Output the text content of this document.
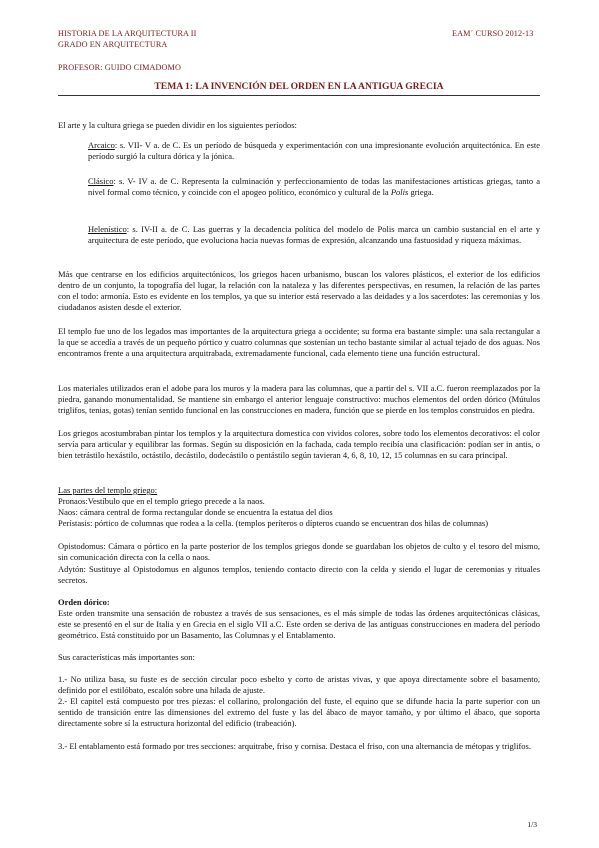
HISTORIA DE LA ARQUITECTURA II
GRADO EN ARQUITECTURA
EAM´ CURSO 2012-13
PROFESOR: GUIDO CIMADOMO
TEMA 1: LA INVENCIÓN DEL ORDEN EN LA ANTIGUA GRECIA

El arte y la cultura griega se pueden dividir en los siguientes períodos:

Arcaico: s. VII- V a. de C. Es un período de búsqueda y experimentación con una impresionante evolución arquitectónica. En este período surgió la cultura dórica y la jónica.

Clásico: s. V- IV a. de C. Representa la culminación y perfeccionamiento de todas las manifestaciones artísticas griegas, tanto a nivel formal como técnico, y coincide con el apogeo político, económico y cultural de la Polis griega.

Helenístico: s. IV-II a. de C. Las guerras y la decadencia política del modelo de Polis marca un cambio sustancial en el arte y arquitectura de este período, que evoluciona hacia nuevas formas de expresión, alcanzando una fastuosidad y riqueza máximas.

Más que centrarse en los edificios arquitectónicos, los griegos hacen urbanismo, buscan los valores plásticos, el exterior de los edificios dentro de un conjunto, la topografía del lugar, la relación con la nataleza y las diferentes perspectivas, en resumen, la relación de las partes con el todo: armonía. Esto es evidente en los templos, ya que su interior está reservado a las deidades y a los sacerdotes: las ceremonias y los ciudadanos asisten desde el exterior.

El templo fue uno de los legados mas importantes de la arquitectura griega a occidente; su forma era bastante simple: una sala rectangular a la que se accedía a través de un pequeño pórtico y cuatro columnas que sostenían un techo bastante similar al actual tejado de dos aguas. Nos encontramos frente a una arquitectura arquitrabada, extremadamente funcional, cada elemento tiene una función estructural.

Los materiales utilizados eran el adobe para los muros y la madera para las columnas, que a partir del s. VII a.C. fueron reemplazados por la piedra, ganando monumentalidad. Se mantiene sin embargo el anterior lenguaje constructivo: muchos elementos del orden dórico (Mútulos triglifos, tenias, gotas) tenían sentido funcional en las construcciones en madera, función que se pierde en los templos construidos en piedra.

Los griegos acostumbraban pintar los templos y la arquitectura domestica con vividos colores, sobre todo los elementos decorativos: el color servía para articular y equilibrar las formas. Según su disposición en la fachada, cada templo recibía una clasificación: podían ser in antis, o bien tetrástilo hexástilo, octástilo, decástilo, dodecástilo o pentástilo según tavieran 4, 6, 8, 10, 12, 15 columnas en su cara principal.

Las partes del templo griego:

Pronaos:Vestíbulo que en el templo griego precede a la naos.

Naos: cámara central de forma rectangular donde se encuentra la estatua del dios

Perístasis: pórtico de columnas que rodea a la cella. (templos períteros o dípteros cuando se encuentran dos hilas de columnas)

Opistodomus: Cámara o pórtico en la parte posterior de los templos griegos donde se guardaban los objetos de culto y el tesoro del mismo, sin comunicación directa con la cella o naos.

Adytón: Sustituye al Opistodomus en algunos templos, teniendo contacto directo con la celda y siendo el lugar de ceremonias y rituales secretos.

Orden dórico:

Este orden transmite una sensación de robustez a través de sus sensaciones, es el más simple de todas las órdenes arquitectónicas clásicas, este se presentó en el sur de Italia y en Grecia en el siglo VII a.C. Este orden se deriva de las antiguas construcciones en madera del período geométrico. Está constituido por un Basamento, las Columnas y el Entablamento.

Sus características más importantes son:

1.- No utiliza basa, su fuste es de sección circular poco esbelto y corto de aristas vivas, y que apoya directamente sobre el basamento, definido por el estilóbato, escalón sobre una hilada de ajuste.

2.- El capitel está compuesto por tres piezas: el collarino, prolongación del fuste, el equino que se difunde hacia la parte superior con un sentido de transición entre las dimensiones del extremo del fuste y las del ábaco de mayor tamaño, y por último el ábaco, que soporta directamente sobre sí la estructura horizontal del edificio (trabeación).

3.- El entablamento está formado por tres secciones: arquitrabe, friso y cornisa. Destaca el friso, con una alternancia de métopas y triglifos.

1/3
